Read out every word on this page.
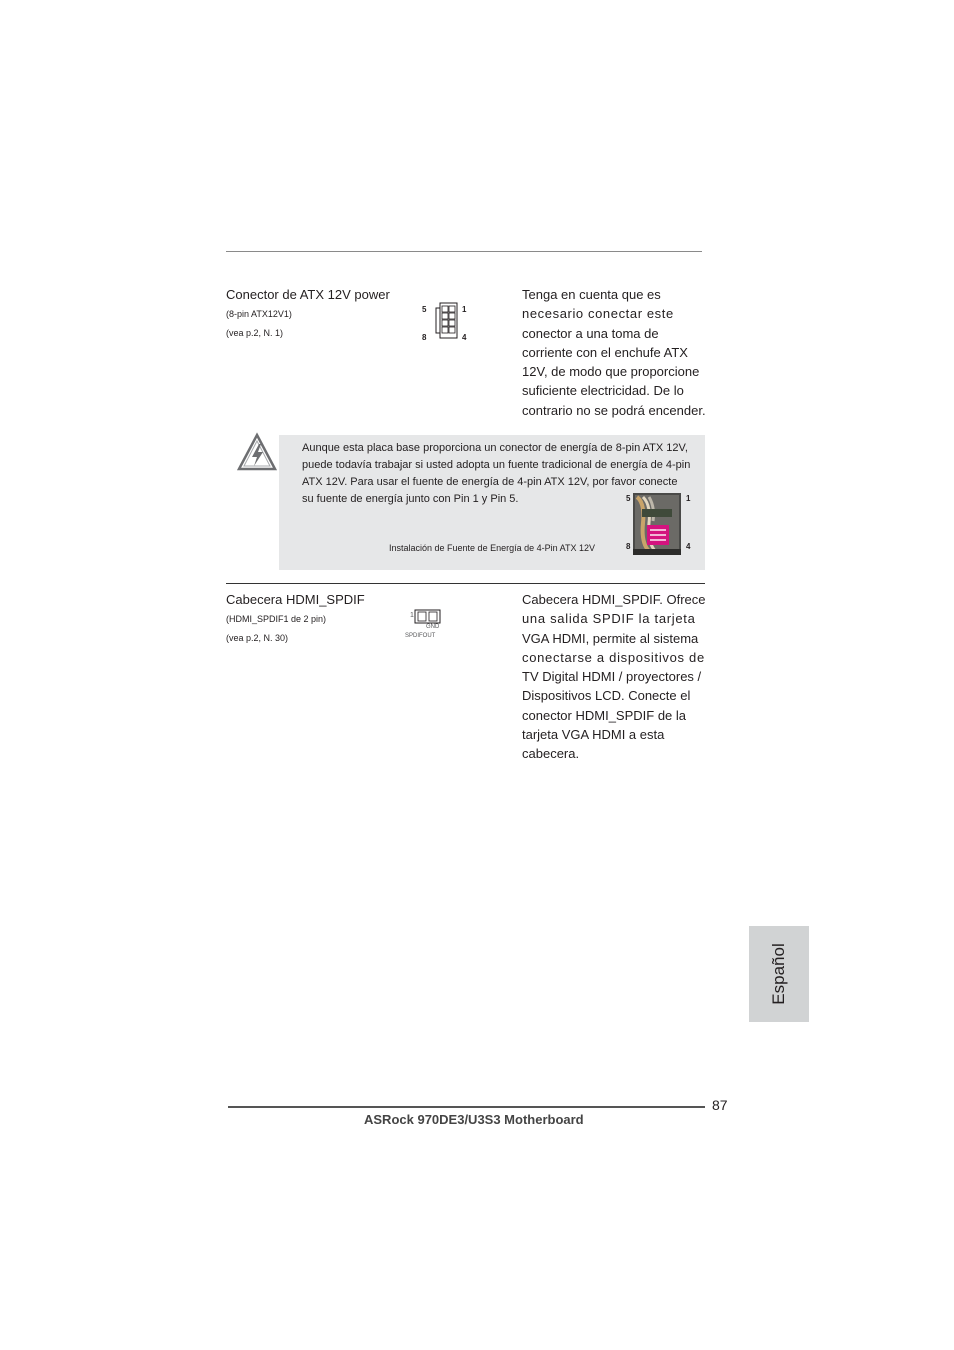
Conector de ATX 12V power
(8-pin ATX12V1)
(vea p.2, N. 1)
5	1
8	4
Tenga en cuenta que es
necesario conectar este
conector a una toma de
corriente con el enchufe ATX
12V, de modo que proporcione
suficiente electricidad. De lo
contrario no se podrá encender.
Aunque esta placa base proporciona un conector de energía de 8-pin ATX 12V,
puede todavía trabajar si usted adopta un fuente tradicional de energía de 4-pin
ATX 12V. Para usar el fuente de energía de 4-pin ATX 12V, por favor conecte
su fuente de energía junto con Pin 1 y Pin 5.
Instalación de Fuente de Energía de 4-Pin ATX 12V
5	1
8	4
Cabecera HDMI_SPDIF
(HDMI_SPDIF1 de 2 pin)
(vea p.2, N. 30)
1
GND
SPDIFOUT
Cabecera HDMI_SPDIF. Ofrece
una salida SPDIF la tarjeta
VGA HDMI, permite al sistema
conectarse a dispositivos de
TV Digital HDMI / proyectores /
Dispositivos LCD. Conecte el
conector HDMI_SPDIF de la
tarjeta VGA HDMI a esta
cabecera.
Español
87
ASRock 970DE3/U3S3 Motherboard
